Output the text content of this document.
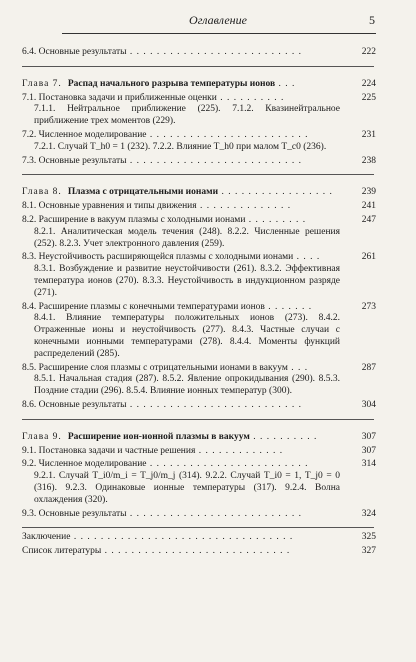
Оглавление	5
6.4. Основные результаты . . . . . . . . . . . . . . . . . . . . . . . . . .	222
Глава 7. Распад начального разрыва температуры ионов . . .	224
7.1. Постановка задачи и приближенные оценки . . . . . . . . . .	225
7.1.1. Нейтральное приближение (225). 7.1.2. Квазинейтральное приближение трех моментов (229).
7.2. Численное моделирование . . . . . . . . . . . . . . . . . . . . . . . .	231
7.2.1. Случай T_h0 = 1 (232). 7.2.2. Влияние T_h0 при малом T_c0 (236).
7.3. Основные результаты . . . . . . . . . . . . . . . . . . . . . . . . . .	238
Глава 8. Плазма с отрицательными ионами . . . . . . . . . . . . . . . . .	239
8.1. Основные уравнения и типы движения . . . . . . . . . . . . . .	241
8.2. Расширение в вакуум плазмы с холодными ионами . . . . . . . . .	247
8.2.1. Аналитическая модель течения (248). 8.2.2. Численные решения (252). 8.2.3. Учет электронного давления (259).
8.3. Неустойчивость расширяющейся плазмы с холодными ионами . . . .	261
8.3.1. Возбуждение и развитие неустойчивости (261). 8.3.2. Эффективная температура ионов (270). 8.3.3. Неустойчивость в индукционном разряде (271).
8.4. Расширение плазмы с конечными температурами ионов . . . . . . .	273
8.4.1. Влияние температуры положительных ионов (273). 8.4.2. Отраженные ионы и неустойчивость (277). 8.4.3. Частные случаи с конечными ионными температурами (278). 8.4.4. Моменты функций распределений (285).
8.5. Расширение слоя плазмы с отрицательными ионами в вакуум . . .	287
8.5.1. Начальная стадия (287). 8.5.2. Явление опрокидывания (290). 8.5.3. Поздние стадии (296). 8.5.4. Влияние ионных температур (300).
8.6. Основные результаты . . . . . . . . . . . . . . . . . . . . . . . . . .	304
Глава 9. Расширение ион-ионной плазмы в вакуум . . . . . . . . . .	307
9.1. Постановка задачи и частные решения . . . . . . . . . . . . .	307
9.2. Численное моделирование . . . . . . . . . . . . . . . . . . . . . . . .	314
9.2.1. Случай T_i0/m_i = T_j0/m_j (314). 9.2.2. Случай T_i0 = 1, T_j0 = 0 (316). 9.2.3. Одинаковые ионные температуры (317). 9.2.4. Волна охлаждения (320).
9.3. Основные результаты . . . . . . . . . . . . . . . . . . . . . . . . . .	324
Заключение . . . . . . . . . . . . . . . . . . . . . . . . . . . . . . . . .	325
Список литературы . . . . . . . . . . . . . . . . . . . . . . . . . . . .	327
